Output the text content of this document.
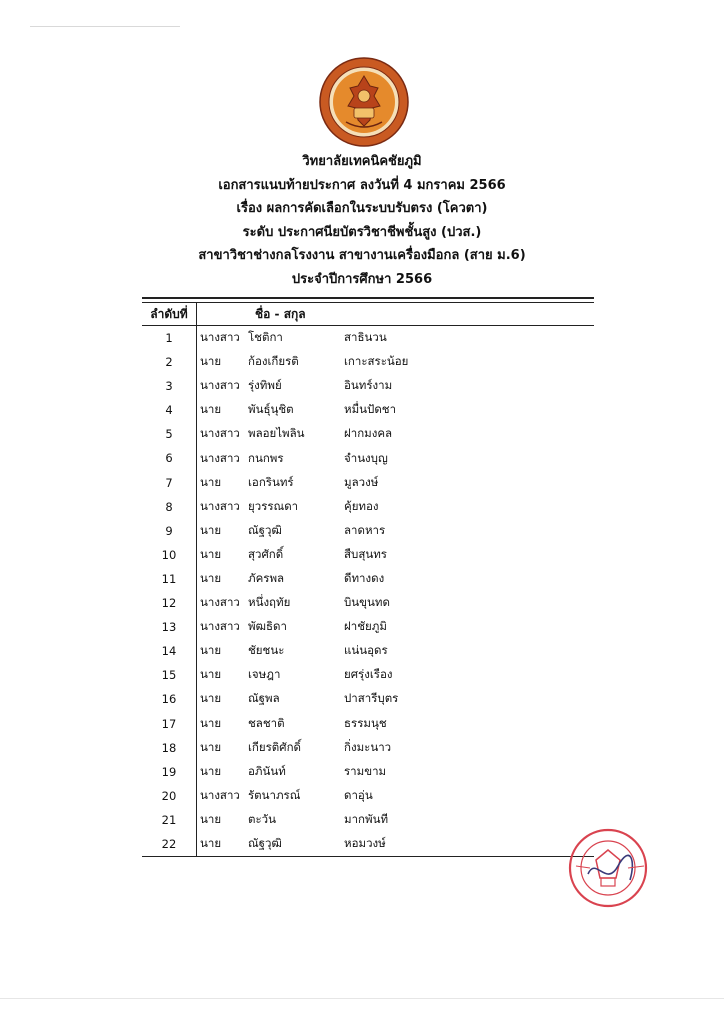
วิทยาลัยเทคนิคชัยภูมิ
เอกสารแนบท้ายประกาศ ลงวันที่ 4 มกราคม 2566
เรื่อง ผลการคัดเลือกในระบบรับตรง (โควตา)
ระดับ ประกาศนียบัตรวิชาชีพชั้นสูง (ปวส.)
สาขาวิชาช่างกลโรงงาน สาขางานเครื่องมือกล (สาย ม.6)
ประจำปีการศึกษา 2566
ลำดับที่	ชื่อ - สกุล
1	นางสาว โชติกา	สาธินวน
2	นาย	ก้องเกียรติ	เกาะสระน้อย
3	นางสาว รุ่งทิพย์	อินทร์งาม
4	นาย	พันธุ์นุชิต	หมื่นปัดชา
5	นางสาว พลอยไพลิน	ฝากมงคล
6	นางสาว กนกพร	จำนงบุญ
7	นาย	เอกรินทร์	มูลวงษ์
8	นางสาว ยุวรรณดา	คุ้ยทอง
9	นาย	ณัฐวุฒิ	ลาดหาร
10	นาย	สุวศักดิ์	สืบสุนทร
11	นาย	ภัครพล	ดีทางดง
12	นางสาว หนึ่งฤทัย	บินขุนทด
13	นางสาว พัฒธิดา	ฝาชัยภูมิ
14	นาย	ชัยชนะ	แน่นอุดร
15	นาย	เจษฎา	ยศรุ่งเรือง
16	นาย	ณัฐพล	ปาสารีบุตร
17	นาย	ชลชาติ	ธรรมนุช
18	นาย	เกียรติศักดิ์	กิ่งมะนาว
19	นาย	อภินันท์	รามขาม
20	นางสาว รัตนาภรณ์	ดาอุ่น
21	นาย	ตะวัน	มากพันที
22	นาย	ณัฐวุฒิ	หอมวงษ์
